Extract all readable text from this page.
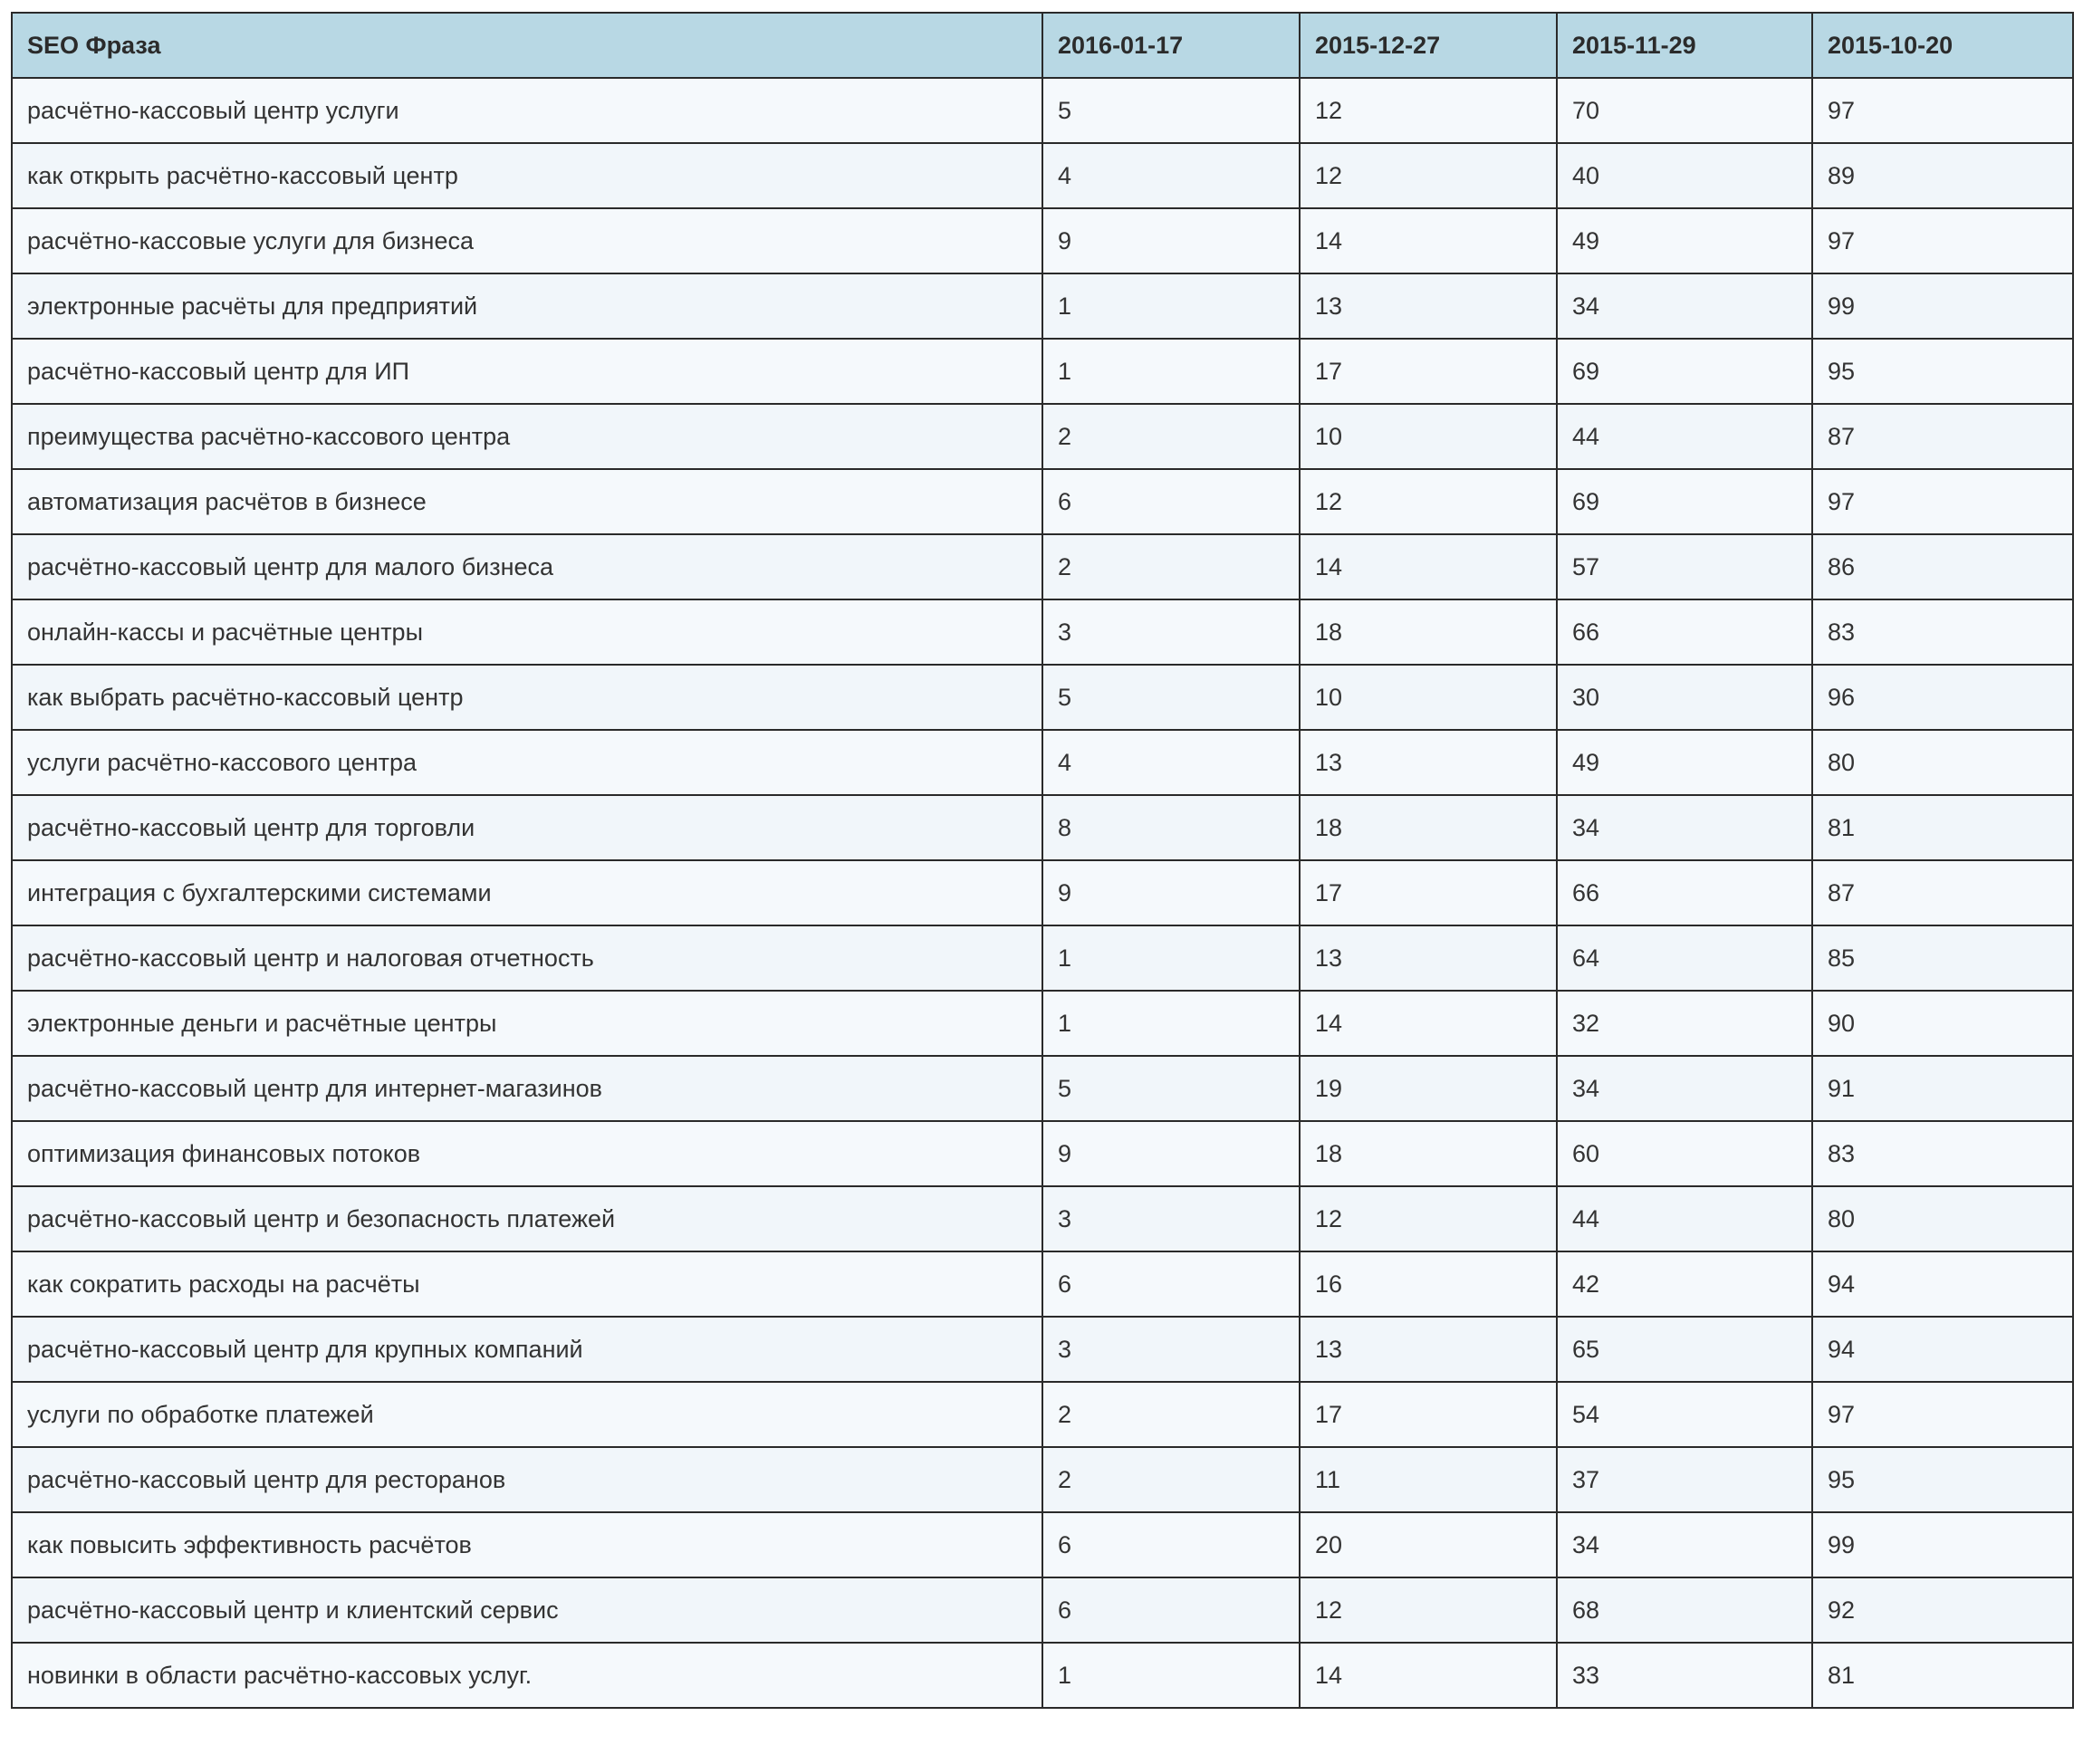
SEO Фраза	2016-01-17	2015-12-27	2015-11-29	2015-10-20
расчётно-кассовый центр услуги	5	12	70	97
как открыть расчётно-кассовый центр	4	12	40	89
расчётно-кассовые услуги для бизнеса	9	14	49	97
электронные расчёты для предприятий	1	13	34	99
расчётно-кассовый центр для ИП	1	17	69	95
преимущества расчётно-кассового центра	2	10	44	87
автоматизация расчётов в бизнесе	6	12	69	97
расчётно-кассовый центр для малого бизнеса	2	14	57	86
онлайн-кассы и расчётные центры	3	18	66	83
как выбрать расчётно-кассовый центр	5	10	30	96
услуги расчётно-кассового центра	4	13	49	80
расчётно-кассовый центр для торговли	8	18	34	81
интеграция с бухгалтерскими системами	9	17	66	87
расчётно-кассовый центр и налоговая отчетность	1	13	64	85
электронные деньги и расчётные центры	1	14	32	90
расчётно-кассовый центр для интернет-магазинов	5	19	34	91
оптимизация финансовых потоков	9	18	60	83
расчётно-кассовый центр и безопасность платежей	3	12	44	80
как сократить расходы на расчёты	6	16	42	94
расчётно-кассовый центр для крупных компаний	3	13	65	94
услуги по обработке платежей	2	17	54	97
расчётно-кассовый центр для ресторанов	2	11	37	95
как повысить эффективность расчётов	6	20	34	99
расчётно-кассовый центр и клиентский сервис	6	12	68	92
новинки в области расчётно-кассовых услуг.	1	14	33	81
